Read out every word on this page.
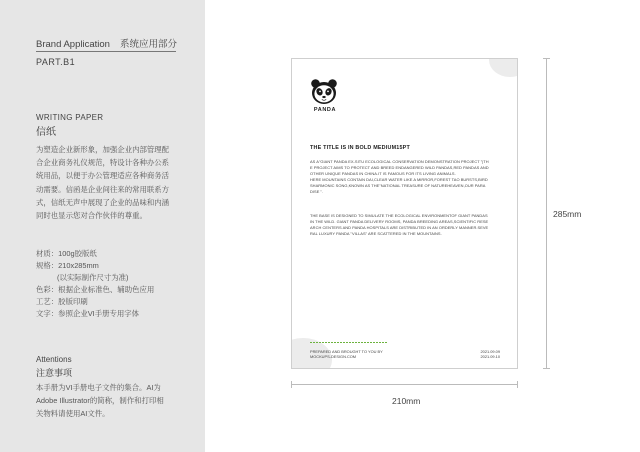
Brand Application 系统应用部分
PART.B1
WRITING PAPER
信纸
为塑造企业新形象，加强企业内部管理配
合企业商务礼仪规范，特设计各种办公系
统用品，以便于办公管理适应各种商务活
动需要。信函是企业间往来的常用联系方
式，信纸无声中展现了企业的品味和内涵
同时也显示您对合作伙伴的尊重。
材质：100g胶版纸
规格：210x285mm
(以实际制作尺寸为准)
色彩：根据企业标准色、辅助色应用
工艺：胶版印刷
文字：参照企业VI手册专用字体
Attentions
注意事项
本手册为VI手册电子文件的集合。AI为
Adobe Illustrator的简称，制作和打印相
关物料请使用AI文件。
PANDA
THE TITLE IS IN BOLD MEDIUM15PT
AS A"GIANT PANDA EX-SITU ECOLOGICAL CONSERVATION DEMONSTRATION PROJECT "|TH
E PROJECT AIMS TO PROTECT AND BREED ENDANGERED WILD PANDAS,RED PANDAS AND
OTHER UNIQUE PANDAS IN CHINA.IT IS FAMOUS FOR ITS LIVING ANIMALS.
HERE MOUNTAINS CONTAIN DAI,CLEAR WATER LIKE A MIRROR,FOREST TAO BURSTS,BIRD
SHARMONIC SONG,KNOWN AS THE"NATIONAL TREASURE OF NATUREHEAVEN,OUR PARA
DISE ".
THE BASE IS DESIGNED TO SIMULATE THE ECOLOGICAL ENVIRONMENTOF GIANT PANDAS
IN THE WILD. GIANT PANDA DELIVERY ROOMS, PANDA BREEDING AREAS,SCIENTIFIC RESE
ARCH CENTERS AND PANDA HOSPITALS ARE DISTRIBUTED IN AN ORDERLY MANNER.SEVE
RAL LUXURY PANDA "VILLAS" ARE SCATTERED IN THE MOUNTAINS.
PREPARED AND BROUGHT TO YOU BY
MOCKUPS-DESIGN.COM
2021.09.09
2021.09.10
285mm
210mm
